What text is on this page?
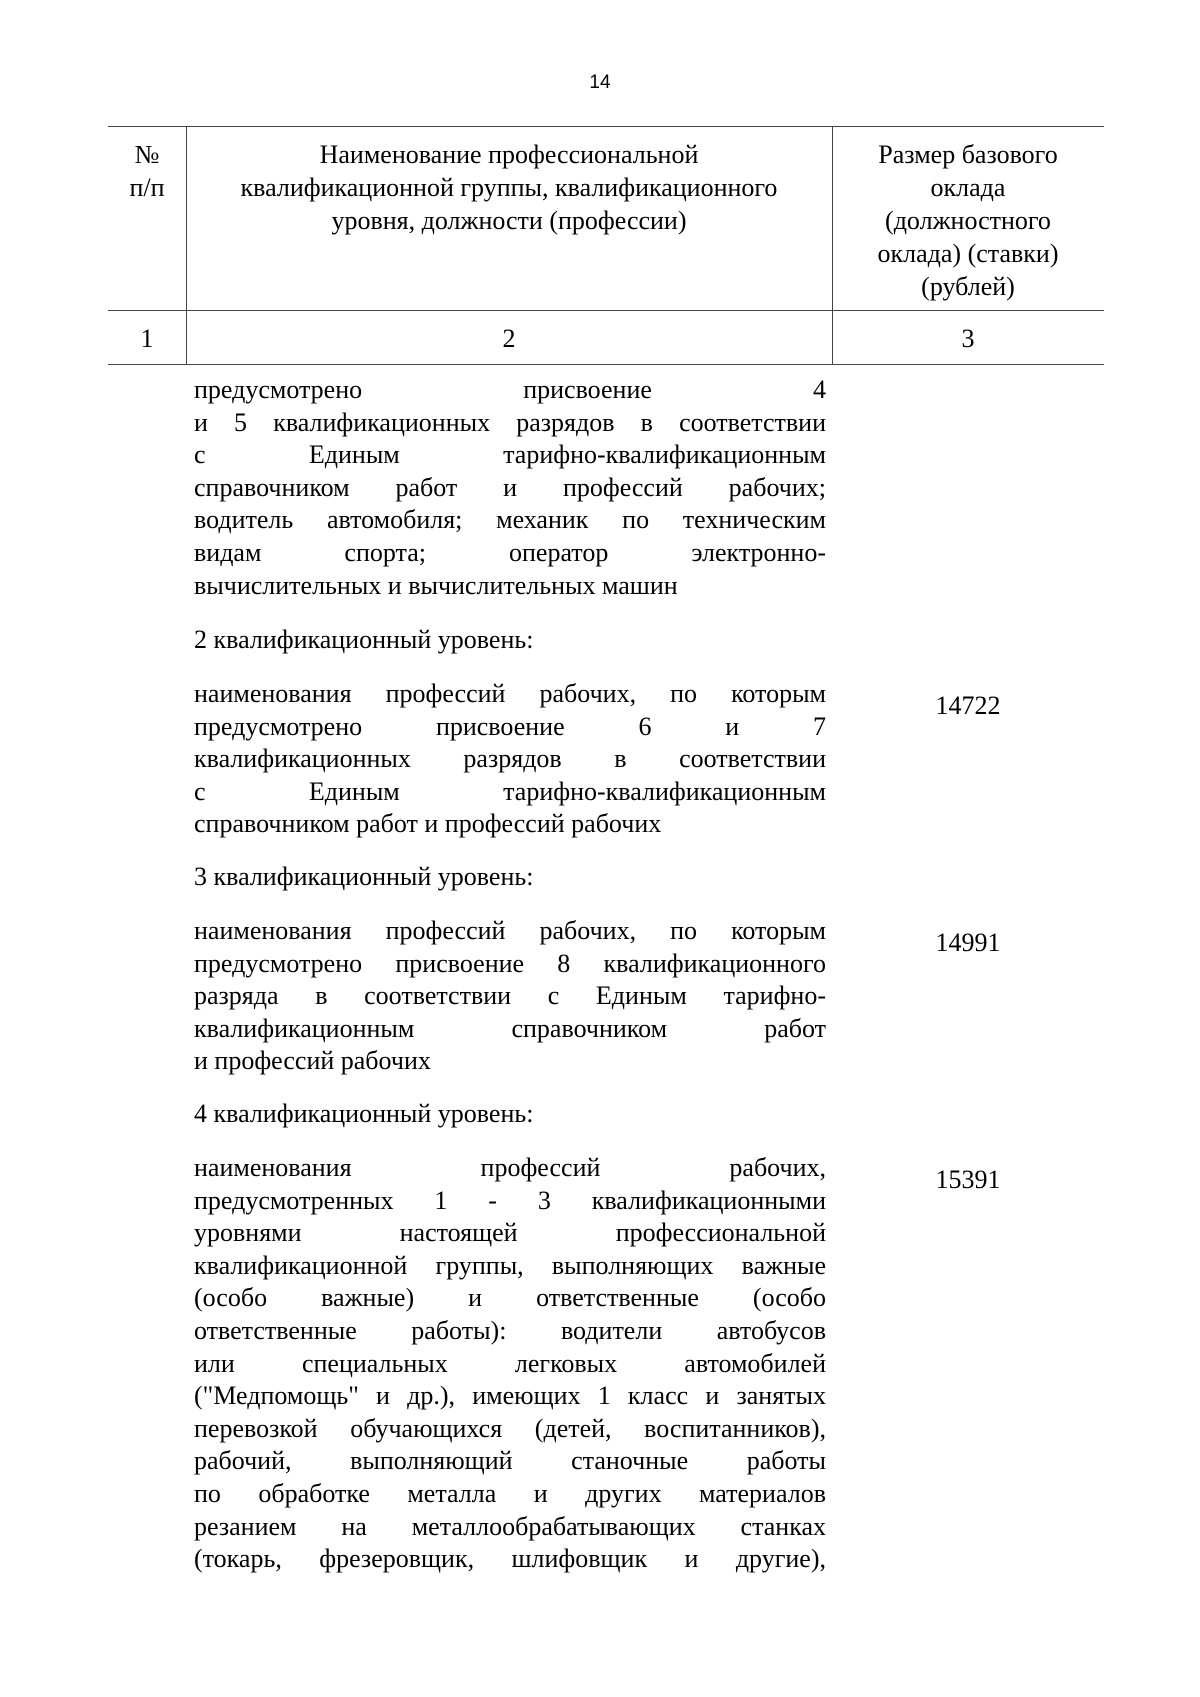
14
№
п/п
Наименование профессиональной
квалификационной группы, квалификационного
уровня, должности (профессии)
Размер базового
оклада
(должностного
оклада) (ставки)
(рублей)
1	2	3
предусмотрено присвоение 4
и 5 квалификационных разрядов в соответствии
с Единым тарифно-квалификационным
справочником работ и профессий рабочих;
водитель автомобиля; механик по техническим
видам спорта; оператор электронно-
вычислительных и вычислительных машин
2 квалификационный уровень:
наименования профессий рабочих, по которым
предусмотрено присвоение 6 и 7
квалификационных разрядов в соответствии
с Единым тарифно-квалификационным
справочником работ и профессий рабочих
14722
3 квалификационный уровень:
наименования профессий рабочих, по которым
предусмотрено присвоение 8 квалификационного
разряда в соответствии с Единым тарифно-
квалификационным справочником работ
и профессий рабочих
14991
4 квалификационный уровень:
наименования профессий рабочих,
предусмотренных 1 - 3 квалификационными
уровнями настоящей профессиональной
квалификационной группы, выполняющих важные
(особо важные) и ответственные (особо
ответственные работы): водители автобусов
или специальных легковых автомобилей
("Медпомощь" и др.), имеющих 1 класс и занятых
перевозкой обучающихся (детей, воспитанников),
рабочий, выполняющий станочные работы
по обработке металла и других материалов
резанием на металлообрабатывающих станках
(токарь, фрезеровщик, шлифовщик и другие),
15391
